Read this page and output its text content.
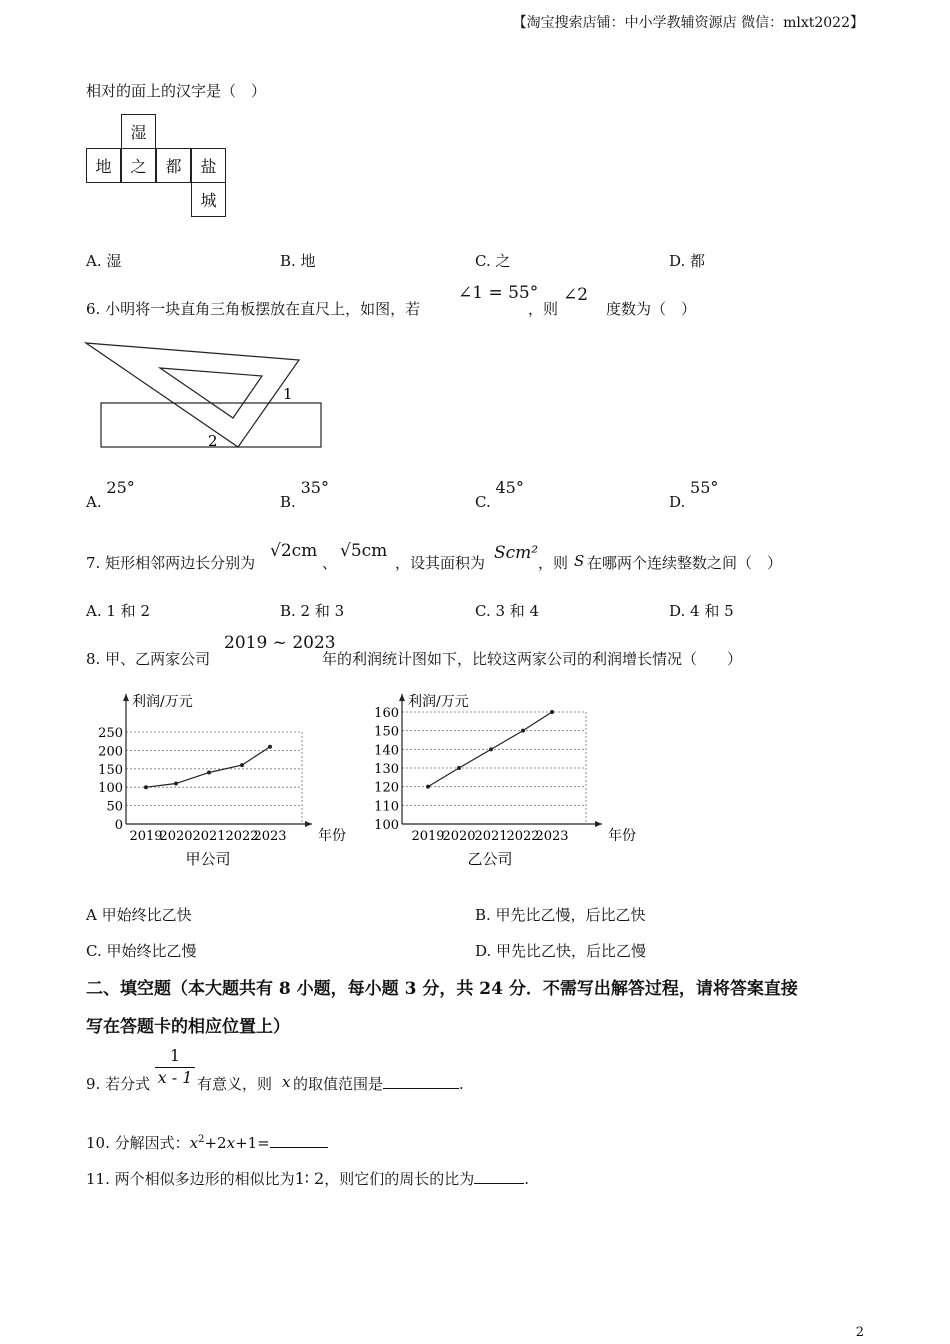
【淘宝搜索店铺：中小学教辅资源店 微信：mlxt2022】
相对的面上的汉字是（　）
湿
地	之	都	盐
城
A. 湿	B. 地	C. 之	D. 都
6. 小明将一块直角三角板摆放在直尺上，如图，若
∠1 = 55°
，则
∠2
度数为（　）
1
2
A. 25°
B. 35°
C. 45°
D. 55°
7. 矩形相邻两边长分别为
√2cm
、
√5cm
，设其面积为 Scm² ，则 S 在哪两个连续整数之间（　）
A. 1 和 2	B. 2 和 3	C. 3 和 4	D. 4 和 5
8. 甲、乙两家公司
2019 ~ 2023
年的利润统计图如下，比较这两家公司的利润增长情况（　　）
0
50
100
150
200
250
利润/万元
年份
2019
2020 2021 2022
2023
甲公司
100
110
120
130
140
150
160
利润/万元
年份
2019
2020
2021
2022
2023
乙公司
A 甲始终比乙快	B. 甲先比乙慢，后比乙快
C. 甲始终比乙慢	D. 甲先比乙快，后比乙慢
二、填空题（本大题共有 8 小题，每小题 3 分，共 24 分．不需写出解答过程，请将答案直接
写在答题卡的相应位置上）
9. 若分式
1
x - 1 有意义，则 x 的取值范围是	.
10. 分解因式：$x^2+2x+1=$
11. 两个相似多边形的相似比为1∶ 2，则它们的周长的比为	.
2
